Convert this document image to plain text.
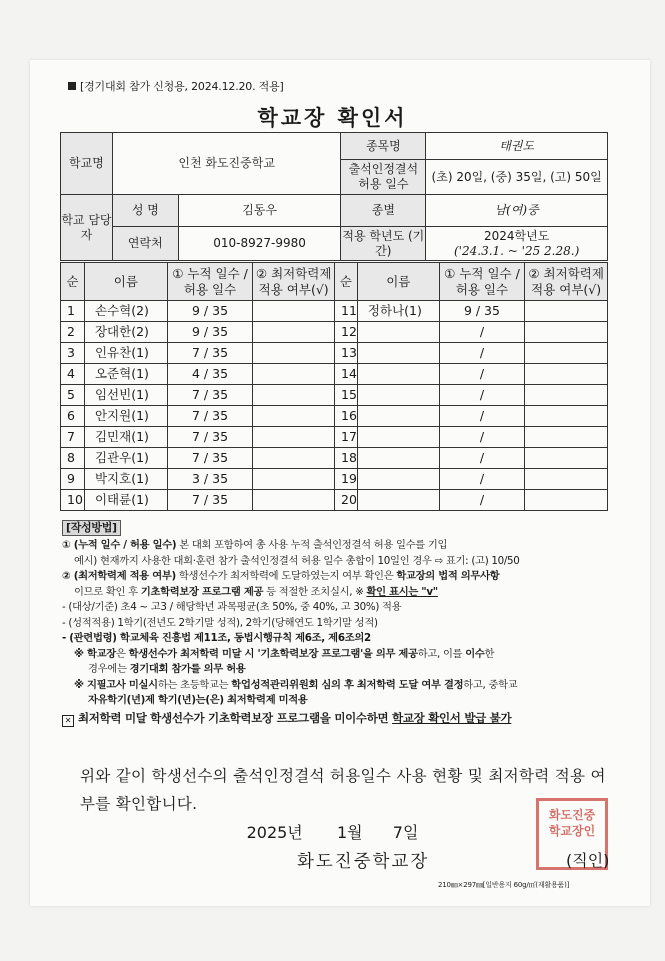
[경기대회 참가 신청용, 2024.12.20. 적용]
학교장 확인서
학교명	인천 화도진중학교		종목명	태권도
			출석인정결석 허용 일수	(초) 20일, (중) 35일, (고) 50일
학교 담당자	성 명	김동우	종별	남(여)중
	연락처	010-8927-9980	적용 학년도 (기간)	2024학년도
('24.3.1. ~ '25 2.28.)
순	이름	① 누적 일수 / 허용 일수	② 최저학력제 적용 여부(√)	순	이름	① 누적 일수 / 허용 일수	② 최저학력제 적용 여부(√)
1	손수혁(2)	9 / 35		11	정하나(1)	9 / 35	
2	장대한(2)	9 / 35		12		/	
3	인유찬(1)	7 / 35		13		/	
4	오준혁(1)	4 / 35		14		/	
5	임선빈(1)	7 / 35		15		/	
6	안지원(1)	7 / 35		16		/	
7	김민재(1)	7 / 35		17		/	
8	김관우(1)	7 / 35		18		/	
9	박지호(1)	3 / 35		19		/	
10	이태륜(1)	7 / 35		20		/	
[작성방법]
① (누적 일수 / 허용 일수) 본 대회 포함하여 총 사용 누적 출석인정결석 허용 일수를 기입
예시) 현재까지 사용한 대회·훈련 참가 출석인정결석 허용 일수 총합이 10일인 경우 ⇨ 표기: (고) 10/50
② (최저학력제 적용 여부) 학생선수가 최저학력에 도달하였는지 여부 확인은 학교장의 법적 의무사항
이므로 확인 후 기초학력보장 프로그램 제공 등 적절한 조치실시, ※ 확인 표시는 "v"
- (대상/기준) 초4 ~ 고3 / 해당학년 과목평균(초 50%, 중 40%, 고 30%) 적용
- (성적적용) 1학기(전년도 2학기말 성적), 2학기(당해연도 1학기말 성적)
- (관련법령) 학교체육 진흥법 제11조, 동법시행규칙 제6조, 제6조의2
※ 학교장은 학생선수가 최저학력 미달 시 '기초학력보장 프로그램'을 의무 제공하고, 이를 이수한
경우에는 경기대회 참가를 의무 허용
※ 지필고사 미실시하는 초등학교는 학업성적관리위원회 심의 후 최저학력 도달 여부 결정하고, 중학교
자유학기(년)제 학기(년)는(은) 최저학력제 미적용
✕ 최저학력 미달 학생선수가 기초학력보장 프로그램을 미이수하면 학교장 확인서 발급 불가
위와 같이 학생선수의 출석인정결석 허용일수 사용 현황 및 최저학력 적용 여부를 확인합니다.
2025년 1월 7일
화도진중학교장인
화도진중학교장	(직인)
210㎜×297㎜[일반용지 60g/㎡(재활용품)]
